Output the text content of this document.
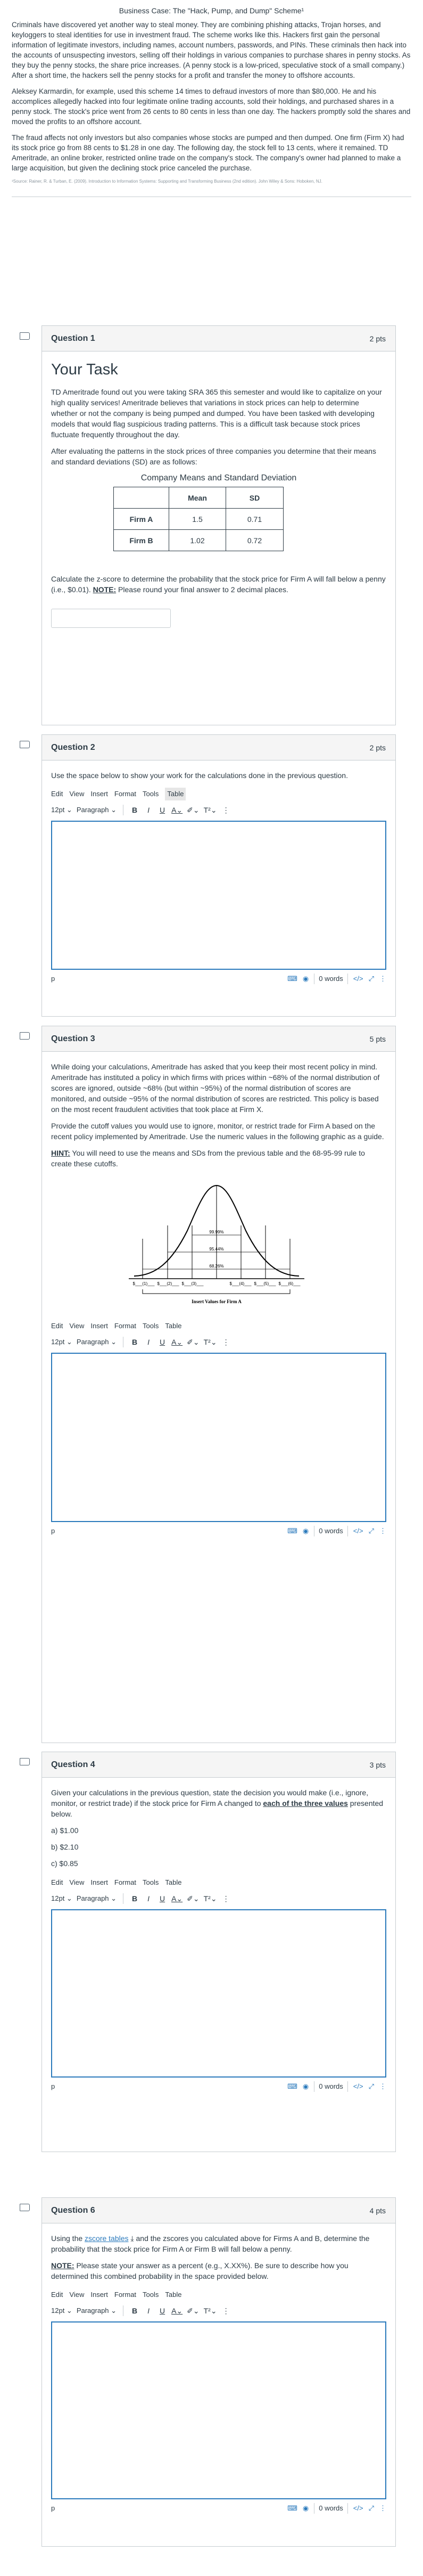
Business Case: The "Hack, Pump, and Dump" Scheme¹

Criminals have discovered yet another way to steal money. They are combining phishing attacks, Trojan horses, and keyloggers to steal identities for use in investment fraud. The scheme works like this. Hackers first gain the personal information of legitimate investors, including names, account numbers, passwords, and PINs. These criminals then hack into the accounts of unsuspecting investors, selling off their holdings in various companies to purchase shares in penny stocks. As they buy the penny stocks, the share price increases. (A penny stock is a low-priced, speculative stock of a small company.) After a short time, the hackers sell the penny stocks for a profit and transfer the money to offshore accounts.

Aleksey Karmardin, for example, used this scheme 14 times to defraud investors of more than $80,000. He and his accomplices allegedly hacked into four legitimate online trading accounts, sold their holdings, and purchased shares in a penny stock. The stock's price went from 26 cents to 80 cents in less than one day. The hackers promptly sold the shares and moved the profits to an offshore account.

The fraud affects not only investors but also companies whose stocks are pumped and then dumped. One firm (Firm X) had its stock price go from 88 cents to $1.28 in one day. The following day, the stock fell to 13 cents, where it remained. TD Ameritrade, an online broker, restricted online trade on the company's stock. The company's owner had planned to make a large acquisition, but given the declining stock price canceled the purchase.

¹Source: Rainer, R. & Turban, E. (2009). Introduction to Information Systems: Supporting and Transforming Business (2nd edition). John Wiley & Sons: Hoboken, NJ.
Question 1	2 pts
Your Task

TD Ameritrade found out you were taking SRA 365 this semester and would like to capitalize on your high quality services! Ameritrade believes that variations in stock prices can help to determine whether or not the company is being pumped and dumped. You have been tasked with developing models that would flag suspicious trading patterns. This is a difficult task because stock prices fluctuate frequently throughout the day.

After evaluating the patterns in the stock prices of three companies you determine that their means and standard deviations (SD) are as follows:

Company Means and Standard Deviation
	Mean	SD
Firm A	1.5	0.71
Firm B	1.02	0.72

Calculate the z-score to determine the probability that the stock price for Firm A will fall below a penny (i.e., $0.01). NOTE: Please round your final answer to 2 decimal places.

Question 2	2 pts

Use the space below to show your work for the calculations done in the previous question.

Edit View Insert Format Tools	Table
12pt ⌄ Paragraph ⌄ B	I	U A⌄ ✐⌄ T²⌄ ⋮
p	⌨ ◉	0 words	</> ⤢ ⋮
Question 3	5 pts

While doing your calculations, Ameritrade has asked that you keep their most recent policy in mind. Ameritrade has instituted a policy in which firms with prices within ~68% of the normal distribution of scores are ignored, outside ~68% (but within ~95%) of the normal distribution of scores are monitored, and outside ~95% of the normal distribution of scores are restricted. This policy is based on the most recent fraudulent activities that took place at Firm X.

Provide the cutoff values you would use to ignore, monitor, or restrict trade for Firm A based on the recent policy implemented by Ameritrade. Use the numeric values in the following graphic as a guide.

HINT: You will need to use the means and SDs from the previous table and the 68-95-99 rule to create these cutoffs.

99.99%
95.44%
68.26%
$___(1)___ $___(2)___ $___(3)___	$___(4)___ $___(5)___ $___(6)___
Insert Values for Firm A
Edit View Insert Format Tools Table
12pt ⌄ Paragraph ⌄ B	I	U A⌄ ✐⌄ T²⌄ ⋮
p	⌨ ◉	0 words	</> ⤢ ⋮
Question 4	3 pts

Given your calculations in the previous question, state the decision you would make (i.e., ignore, monitor, or restrict trade) if the stock price for Firm A changed to each of the three values presented below.

a) $1.00

b) $2.10

c) $0.85

Edit View Insert Format Tools Table
12pt ⌄ Paragraph ⌄ B	I	U A⌄ ✐⌄ T²⌄ ⋮
p	⌨ ◉	0 words	</> ⤢ ⋮
Question 6	4 pts

Using the zscore tables ⤓ and the zscores you calculated above for Firms A and B, determine the probability that the stock price for Firm A or Firm B will fall below a penny.

NOTE: Please state your answer as a percent (e.g., X.XX%). Be sure to describe how you determined this combined probability in the space provided below.

Edit View Insert Format Tools Table
12pt ⌄ Paragraph ⌄ B	I	U A⌄ ✐⌄ T²⌄ ⋮
p	⌨ ◉	0 words	</> ⤢ ⋮
